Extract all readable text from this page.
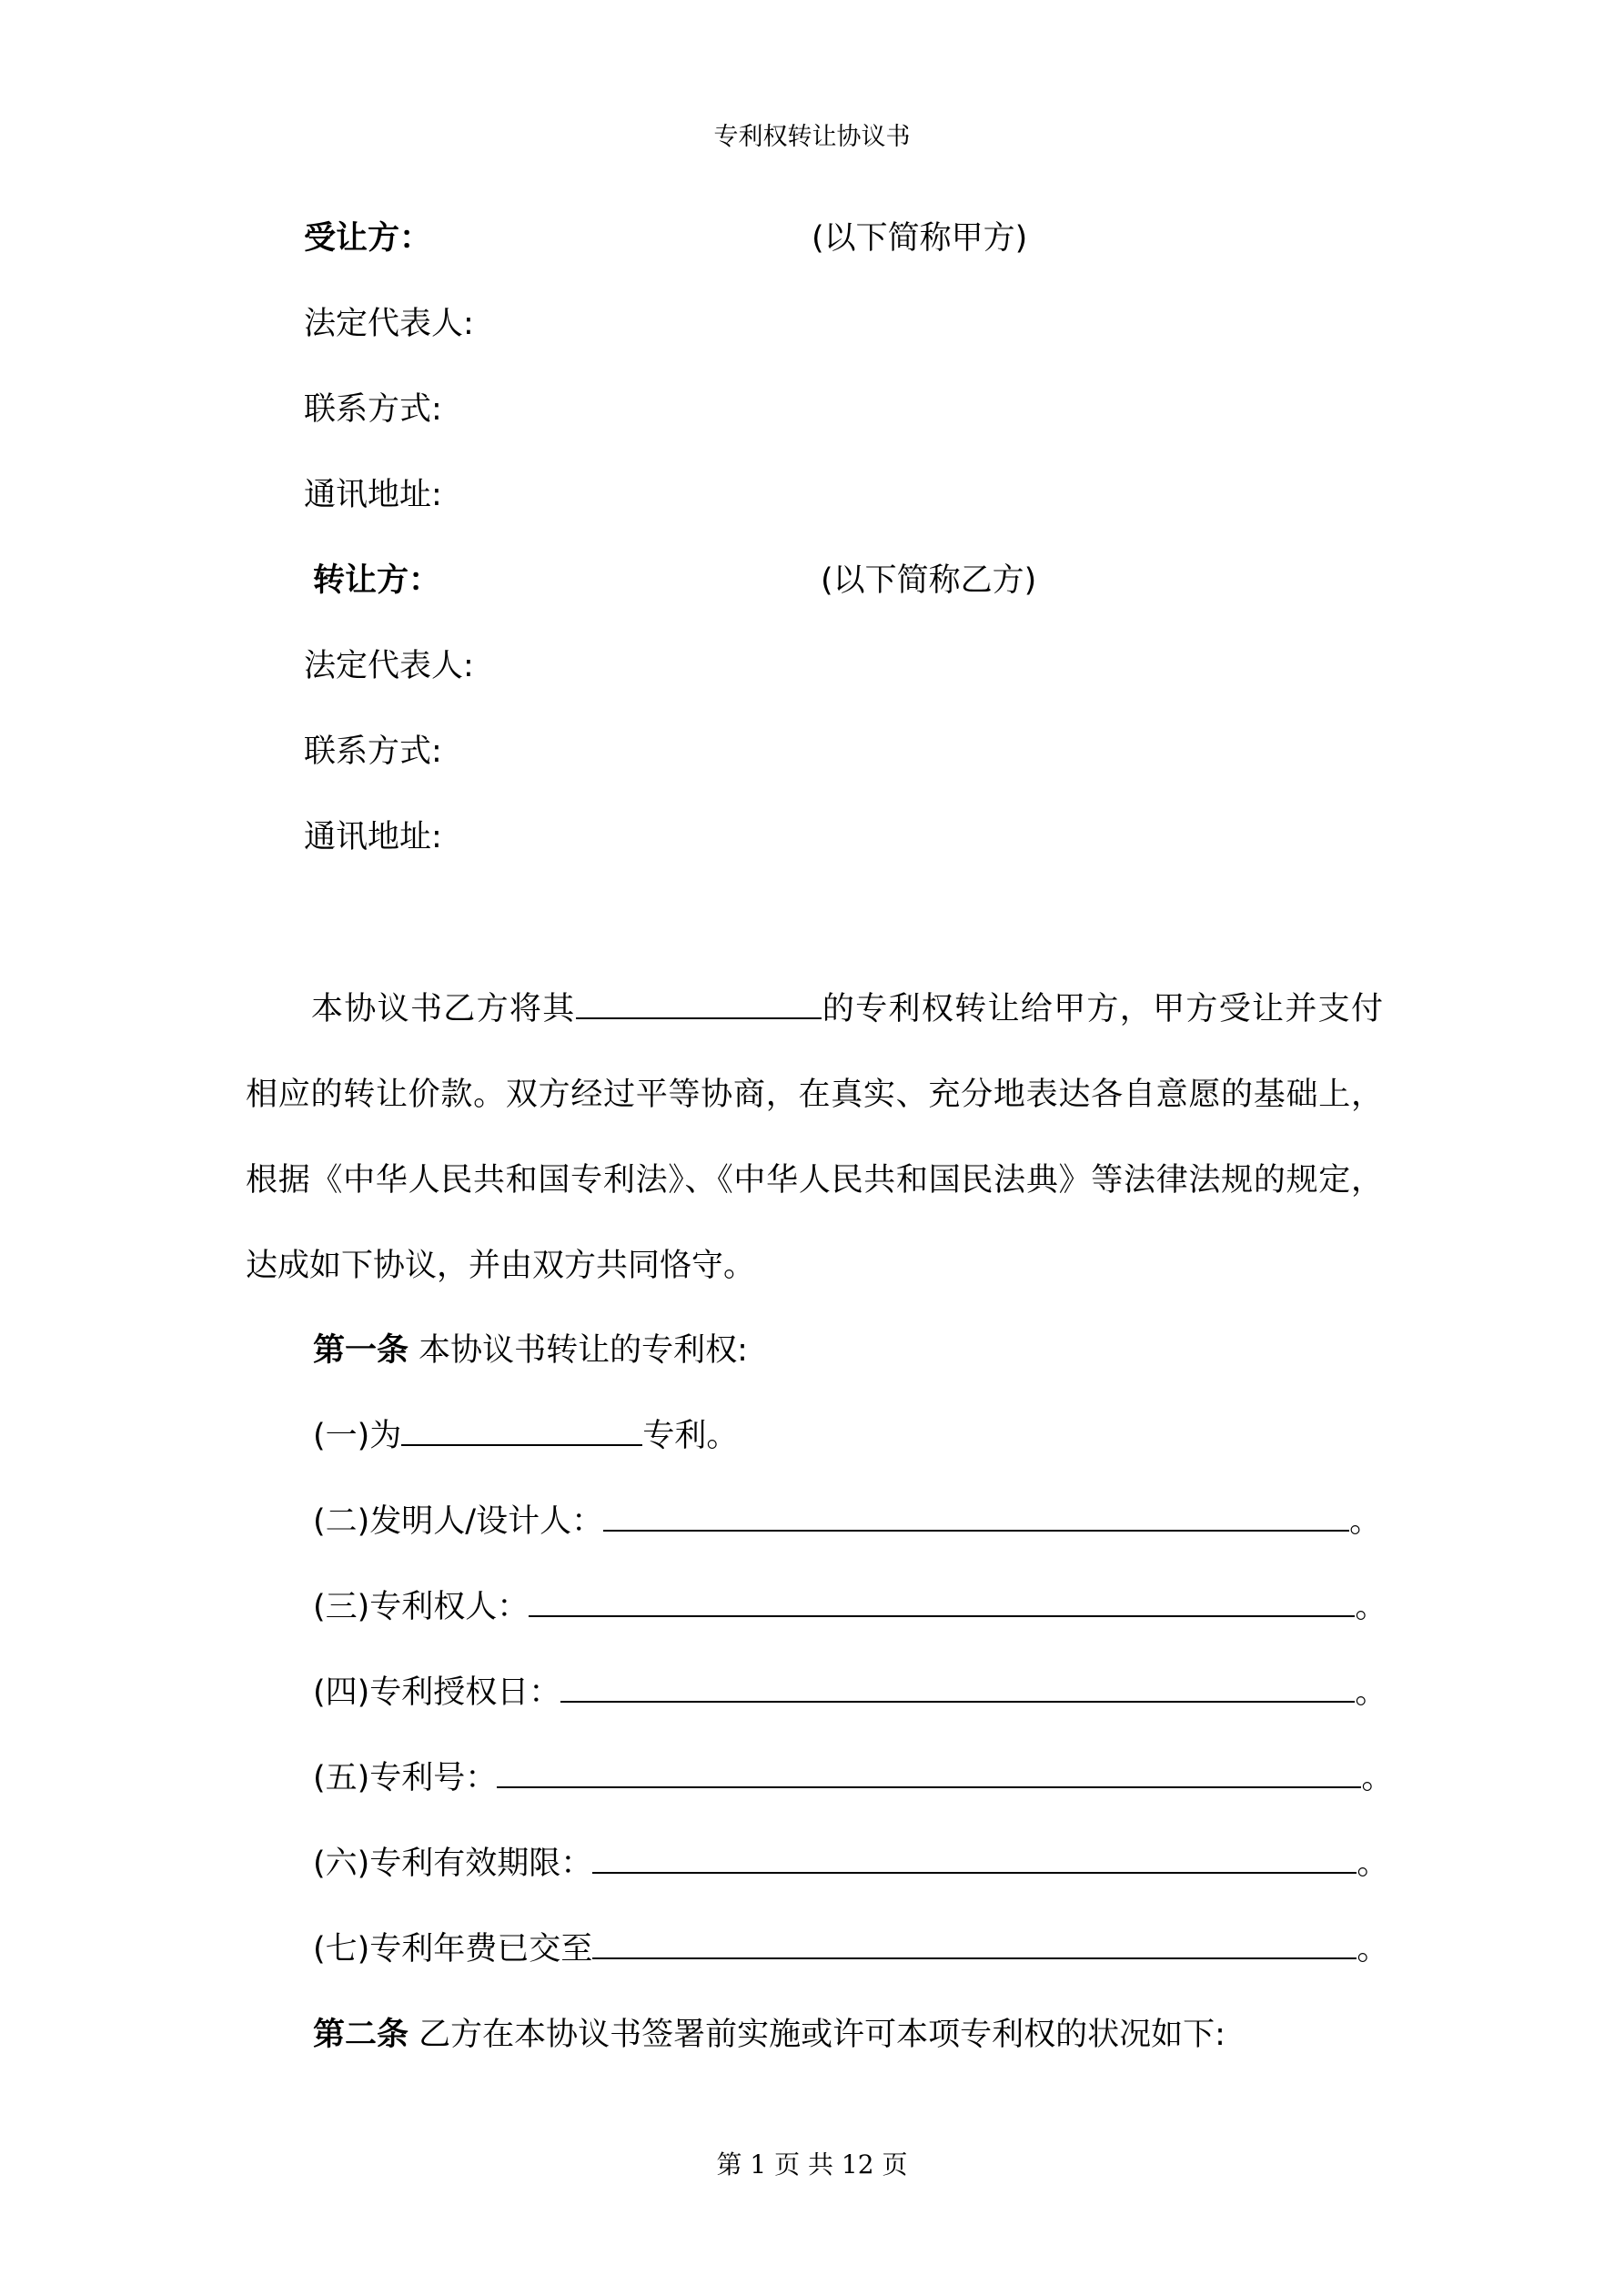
专利权转让协议书
受让方：	(以下简称甲方)
法定代表人:
联系方式:
通讯地址:
转让方：	(以下简称乙方)
法定代表人:
联系方式:
通讯地址:
本协议书乙方将其	的专利权转让给甲方，甲方受让并支付相应的转让价款。双方经过平等协商，在真实、充分地表达各自意愿的基础上，根据《中华人民共和国专利法》、《中华人民共和国民法典》等法律法规的规定，达成如下协议，并由双方共同恪守。
第一条 本协议书转让的专利权:
(一)为	专利。
(二)发明人/设计人：	。
(三)专利权人：	。
(四)专利授权日：	。
(五)专利号：	。
(六)专利有效期限：	。
(七)专利年费已交至	。
第二条 乙方在本协议书签署前实施或许可本项专利权的状况如下:
第 1 页 共 12 页
